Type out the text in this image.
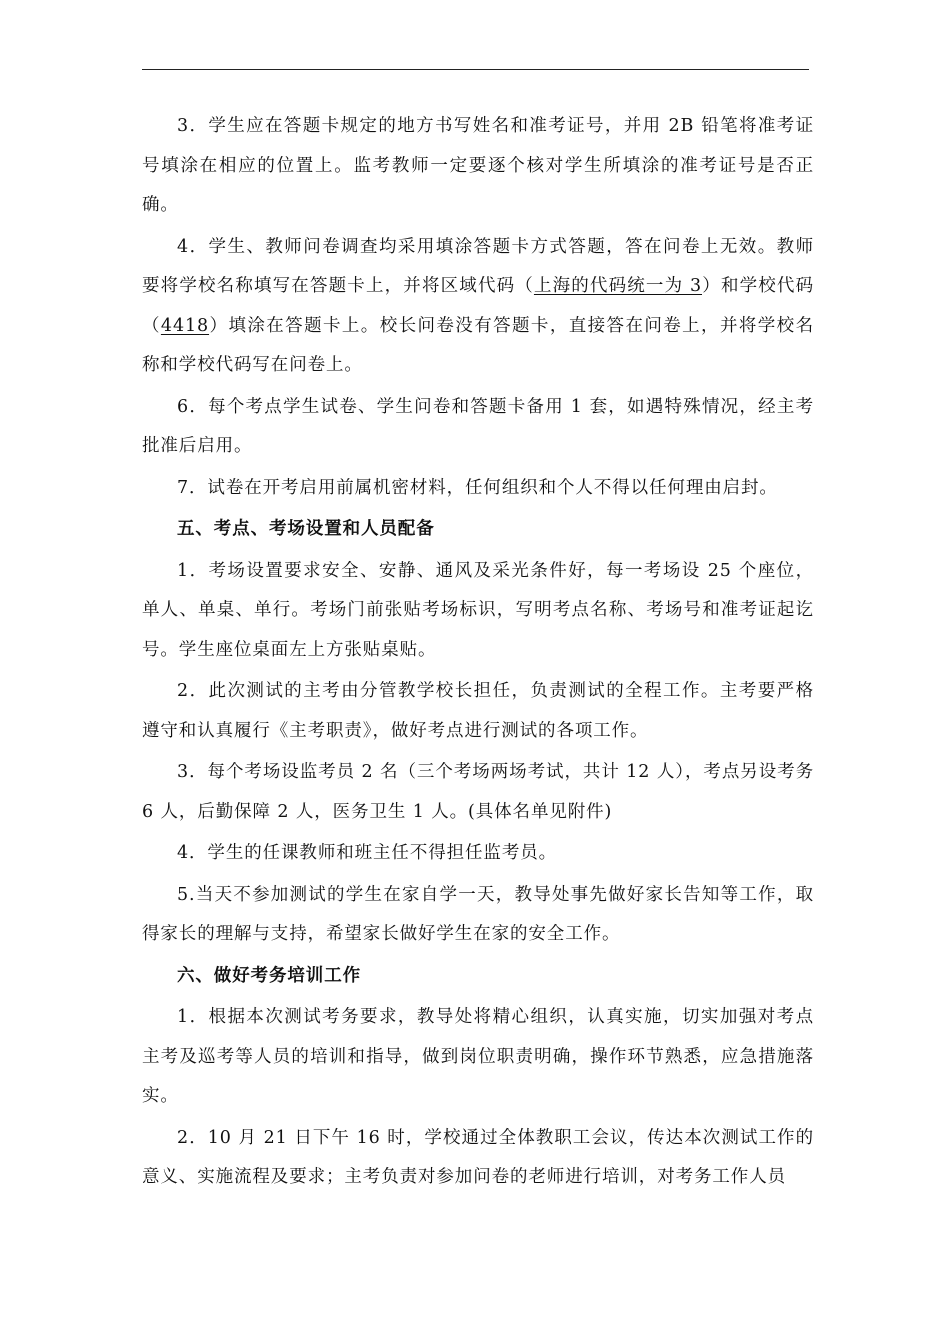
3．学生应在答题卡规定的地方书写姓名和准考证号，并用 2B 铅笔将准考证号填涂在相应的位置上。监考教师一定要逐个核对学生所填涂的准考证号是否正确。

4．学生、教师问卷调查均采用填涂答题卡方式答题，答在问卷上无效。教师要将学校名称填写在答题卡上，并将区域代码（上海的代码统一为 3）和学校代码（4418）填涂在答题卡上。校长问卷没有答题卡，直接答在问卷上，并将学校名称和学校代码写在问卷上。

6．每个考点学生试卷、学生问卷和答题卡备用 1 套，如遇特殊情况，经主考批准后启用。

7．试卷在开考启用前属机密材料，任何组织和个人不得以任何理由启封。

五、考点、考场设置和人员配备

1．考场设置要求安全、安静、通风及采光条件好，每一考场设 25 个座位，单人、单桌、单行。考场门前张贴考场标识，写明考点名称、考场号和准考证起讫号。学生座位桌面左上方张贴桌贴。

2．此次测试的主考由分管教学校长担任，负责测试的全程工作。主考要严格遵守和认真履行《主考职责》，做好考点进行测试的各项工作。

3．每个考场设监考员 2 名（三个考场两场考试，共计 12 人），考点另设考务 6 人，后勤保障 2 人，医务卫生 1 人。(具体名单见附件)

4．学生的任课教师和班主任不得担任监考员。

5.当天不参加测试的学生在家自学一天，教导处事先做好家长告知等工作，取得家长的理解与支持，希望家长做好学生在家的安全工作。

六、做好考务培训工作

1．根据本次测试考务要求，教导处将精心组织，认真实施，切实加强对考点主考及巡考等人员的培训和指导，做到岗位职责明确，操作环节熟悉，应急措施落实。

2．10 月 21 日下午 16 时，学校通过全体教职工会议，传达本次测试工作的意义、实施流程及要求；主考负责对参加问卷的老师进行培训，对考务工作人员
